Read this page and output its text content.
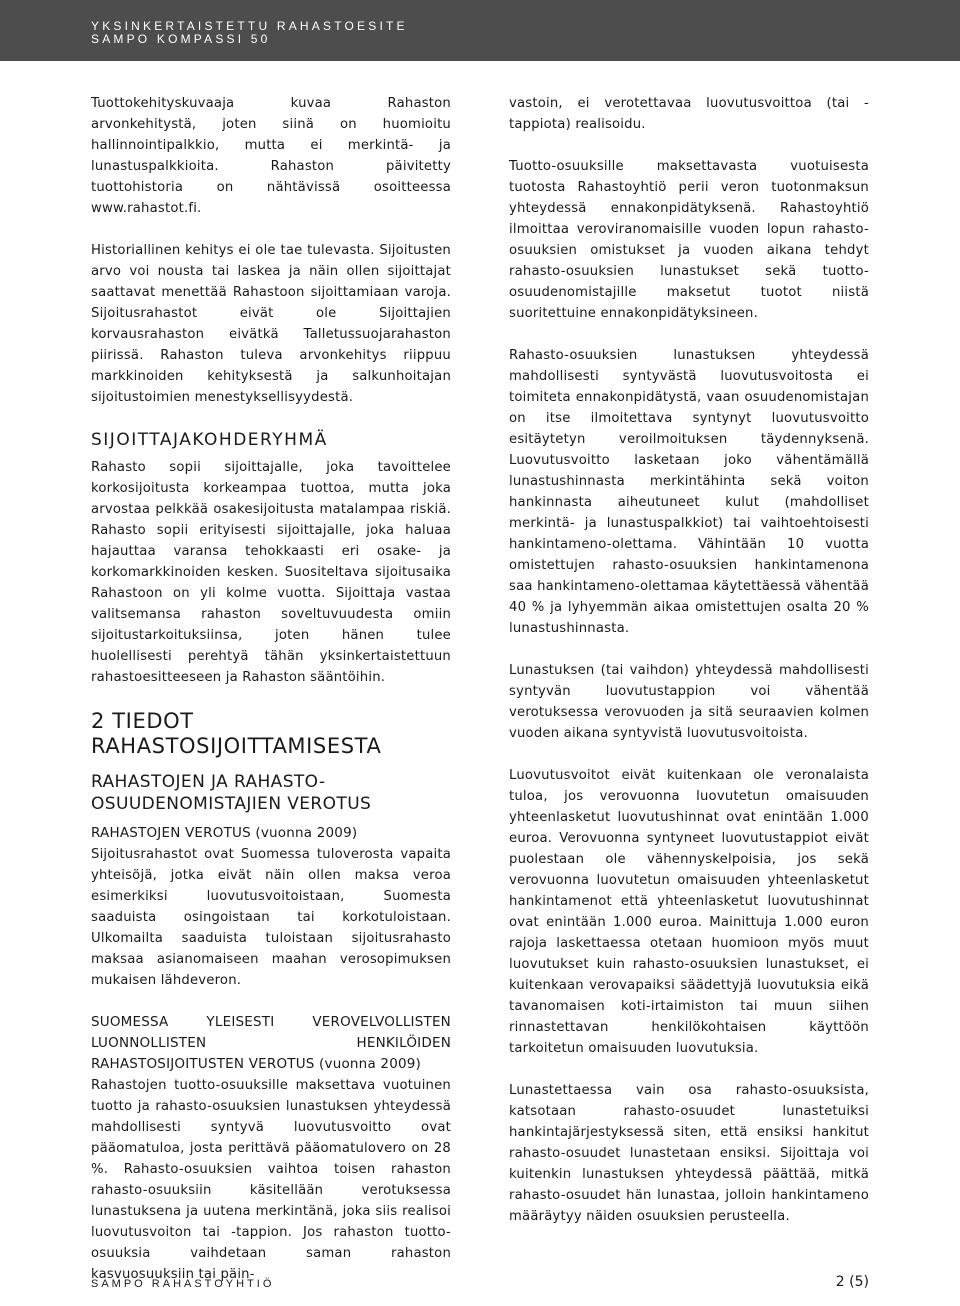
YKSINKERTAISTETTU RAHASTOESITE
SAMPO KOMPASSI 50

Tuottokehityskuvaaja kuvaa Rahaston arvonkehitystä, joten siinä on huomioitu hallinnointipalkkio, mutta ei merkintä- ja lunastuspalkkioita. Rahaston päivitetty tuottohistoria on nähtävissä osoitteessa www.rahastot.fi.

Historiallinen kehitys ei ole tae tulevasta. Sijoitusten arvo voi nousta tai laskea ja näin ollen sijoittajat saattavat menettää Rahastoon sijoittamiaan varoja. Sijoitusrahastot eivät ole Sijoittajien korvausrahaston eivätkä Talletussuojarahaston piirissä. Rahaston tuleva arvonkehitys riippuu markkinoiden kehityksestä ja salkunhoitajan sijoitustoimien menestyksellisyydestä.

SIJOITTAJAKOHDERYHMÄ

Rahasto sopii sijoittajalle, joka tavoittelee korkosijoitusta korkeampaa tuottoa, mutta joka arvostaa pelkkää osakesijoitusta matalampaa riskiä. Rahasto sopii erityisesti sijoittajalle, joka haluaa hajauttaa varansa tehokkaasti eri osake- ja korkomarkkinoiden kesken. Suositeltava sijoitusaika Rahastoon on yli kolme vuotta. Sijoittaja vastaa valitsemansa rahaston soveltuvuudesta omiin sijoitustarkoituksiinsa, joten hänen tulee huolellisesti perehtyä tähän yksinkertaistettuun rahastoesitteeseen ja Rahaston sääntöihin.

2 TIEDOT
RAHASTOSIJOITTAMISESTA
RAHASTOJEN JA RAHASTO-
OSUUDENOMISTAJIEN VEROTUS
RAHASTOJEN VEROTUS (vuonna 2009)

Sijoitusrahastot ovat Suomessa tuloverosta vapaita yhteisöjä, jotka eivät näin ollen maksa veroa esimerkiksi luovutusvoitoistaan, Suomesta saaduista osingoistaan tai korkotuloistaan. Ulkomailta saaduista tuloistaan sijoitusrahasto maksaa asianomaiseen maahan verosopimuksen mukaisen lähdeveron.

SUOMESSA YLEISESTI VEROVELVOLLISTEN LUONNOLLISTEN HENKILÖIDEN RAHASTOSIJOITUSTEN VEROTUS (vuonna 2009)

Rahastojen tuotto-osuuksille maksettava vuotuinen tuotto ja rahasto-osuuksien lunastuksen yhteydessä mahdollisesti syntyvä luovutusvoitto ovat pääomatuloa, josta perittävä pääomatulovero on 28 %. Rahasto-osuuksien vaihtoa toisen rahaston rahasto-osuuksiin käsitellään verotuksessa lunastuksena ja uutena merkintänä, joka siis realisoi luovutusvoiton tai -tappion. Jos rahaston tuotto-osuuksia vaihdetaan saman rahaston kasvuosuuksiin tai päin-

vastoin, ei verotettavaa luovutusvoittoa (tai -tappiota) realisoidu.

Tuotto-osuuksille maksettavasta vuotuisesta tuotosta Rahastoyhtiö perii veron tuotonmaksun yhteydessä ennakonpidätyksenä. Rahastoyhtiö ilmoittaa veroviranomaisille vuoden lopun rahasto-osuuksien omistukset ja vuoden aikana tehdyt rahasto-osuuksien lunastukset sekä tuotto-osuudenomistajille maksetut tuotot niistä suoritettuine ennakonpidätyksineen.

Rahasto-osuuksien lunastuksen yhteydessä mahdollisesti syntyvästä luovutusvoitosta ei toimiteta ennakonpidätystä, vaan osuudenomistajan on itse ilmoitettava syntynyt luovutusvoitto esitäytetyn veroilmoituksen täydennyksenä. Luovutusvoitto lasketaan joko vähentämällä lunastushinnasta merkintähinta sekä voiton hankinnasta aiheutuneet kulut (mahdolliset merkintä- ja lunastuspalkkiot) tai vaihtoehtoisesti hankintameno-olettama. Vähintään 10 vuotta omistettujen rahasto-osuuksien hankintamenona saa hankintameno-olettamaa käytettäessä vähentää 40 % ja lyhyemmän aikaa omistettujen osalta 20 % lunastushinnasta.

Lunastuksen (tai vaihdon) yhteydessä mahdollisesti syntyvän luovutustappion voi vähentää verotuksessa verovuoden ja sitä seuraavien kolmen vuoden aikana syntyvistä luovutusvoitoista.

Luovutusvoitot eivät kuitenkaan ole veronalaista tuloa, jos verovuonna luovutetun omaisuuden yhteenlasketut luovutushinnat ovat enintään 1.000 euroa. Verovuonna syntyneet luovutustappiot eivät puolestaan ole vähennyskelpoisia, jos sekä verovuonna luovutetun omaisuuden yhteenlasketut hankintamenot että yhteenlasketut luovutushinnat ovat enintään 1.000 euroa. Mainittuja 1.000 euron rajoja laskettaessa otetaan huomioon myös muut luovutukset kuin rahasto-osuuksien lunastukset, ei kuitenkaan verovapaiksi säädettyjä luovutuksia eikä tavanomaisen koti-irtaimiston tai muun siihen rinnastettavan henkilökohtaisen käyttöön tarkoitetun omaisuuden luovutuksia.

Lunastettaessa vain osa rahasto-osuuksista, katsotaan rahasto-osuudet lunastetuiksi hankintajärjestyksessä siten, että ensiksi hankitut rahasto-osuudet lunastetaan ensiksi. Sijoittaja voi kuitenkin lunastuksen yhteydessä päättää, mitkä rahasto-osuudet hän lunastaa, jolloin hankintameno määräytyy näiden osuuksien perusteella.

SAMPO RAHASTOYHTIÖ	2 (5)
